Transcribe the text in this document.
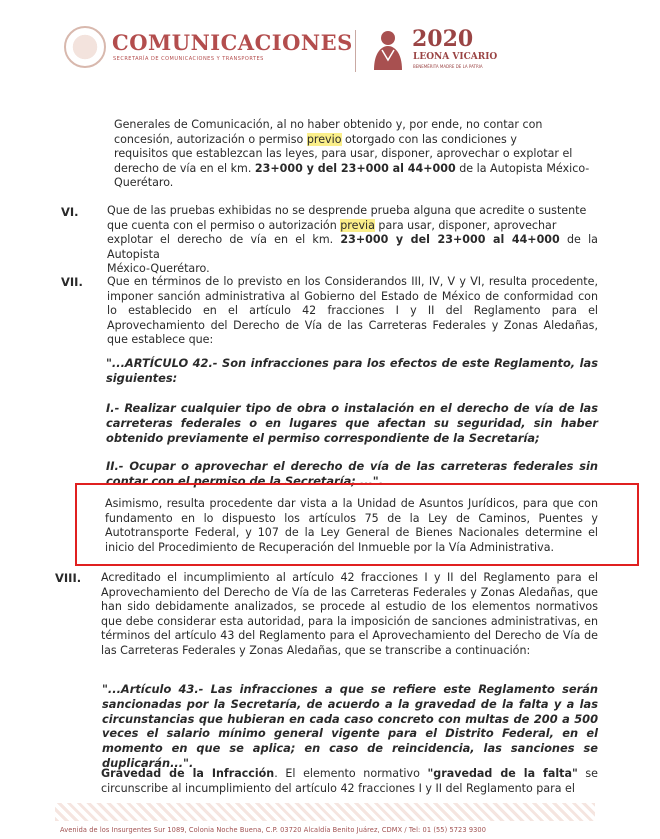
COMUNICACIONES
SECRETARÍA DE COMUNICACIONES Y TRANSPORTES
2020
LEONA VICARIO
BENEMÉRITA MADRE DE LA PATRIA
Generales de Comunicación, al no haber obtenido y, por ende, no contar con
concesión, autorización o permiso previo otorgado con las condiciones y
requisitos que establezcan las leyes, para usar, disponer, aprovechar o explotar el
derecho de vía en el km. 23+000 y del 23+000 al 44+000 de la Autopista México-
Querétaro.
VI.	Que de las pruebas exhibidas no se desprende prueba alguna que acredite o sustente
que cuenta con el permiso o autorización previa para usar, disponer, aprovechar
explotar el derecho de vía en el km. 23+000 y del 23+000 al 44+000 de la Autopista
México-Querétaro.
VII. Que en términos de lo previsto en los Considerandos III, IV, V y VI, resulta procedente, imponer sanción administrativa al Gobierno del Estado de México de conformidad con lo establecido en el artículo 42 fracciones I y II del Reglamento para el Aprovechamiento del Derecho de Vía de las Carreteras Federales y Zonas Aledañas, que establece que:

"...ARTÍCULO 42.- Son infracciones para los efectos de este Reglamento, las siguientes:

I.- Realizar cualquier tipo de obra o instalación en el derecho de vía de las carreteras federales o en lugares que afectan su seguridad, sin haber obtenido previamente el permiso correspondiente de la Secretaría;

II.- Ocupar o aprovechar el derecho de vía de las carreteras federales sin contar con el permiso de la Secretaría; ...".

Asimismo, resulta procedente dar vista a la Unidad de Asuntos Jurídicos, para que con fundamento en lo dispuesto los artículos 75 de la Ley de Caminos, Puentes y Autotransporte Federal, y 107 de la Ley General de Bienes Nacionales determine el inicio del Procedimiento de Recuperación del Inmueble por la Vía Administrativa.

VIII. Acreditado el incumplimiento al artículo 42 fracciones I y II del Reglamento para el Aprovechamiento del Derecho de Vía de las Carreteras Federales y Zonas Aledañas, que han sido debidamente analizados, se procede al estudio de los elementos normativos que debe considerar esta autoridad, para la imposición de sanciones administrativas, en términos del artículo 43 del Reglamento para el Aprovechamiento del Derecho de Vía de las Carreteras Federales y Zonas Aledañas, que se transcribe a continuación:

"...Artículo 43.- Las infracciones a que se refiere este Reglamento serán sancionadas por la Secretaría, de acuerdo a la gravedad de la falta y a las circunstancias que hubieran en cada caso concreto con multas de 200 a 500 veces el salario mínimo general vigente para el Distrito Federal, en el momento en que se aplica; en caso de reincidencia, las sanciones se duplicarán...".

Gravedad de la Infracción. El elemento normativo "gravedad de la falta" se circunscribe al incumplimiento del artículo 42 fracciones I y II del Reglamento para el

Avenida de los Insurgentes Sur 1089, Colonia Noche Buena, C.P. 03720 Alcaldía Benito Juárez, CDMX / Tel: 01 (55) 5723 9300
